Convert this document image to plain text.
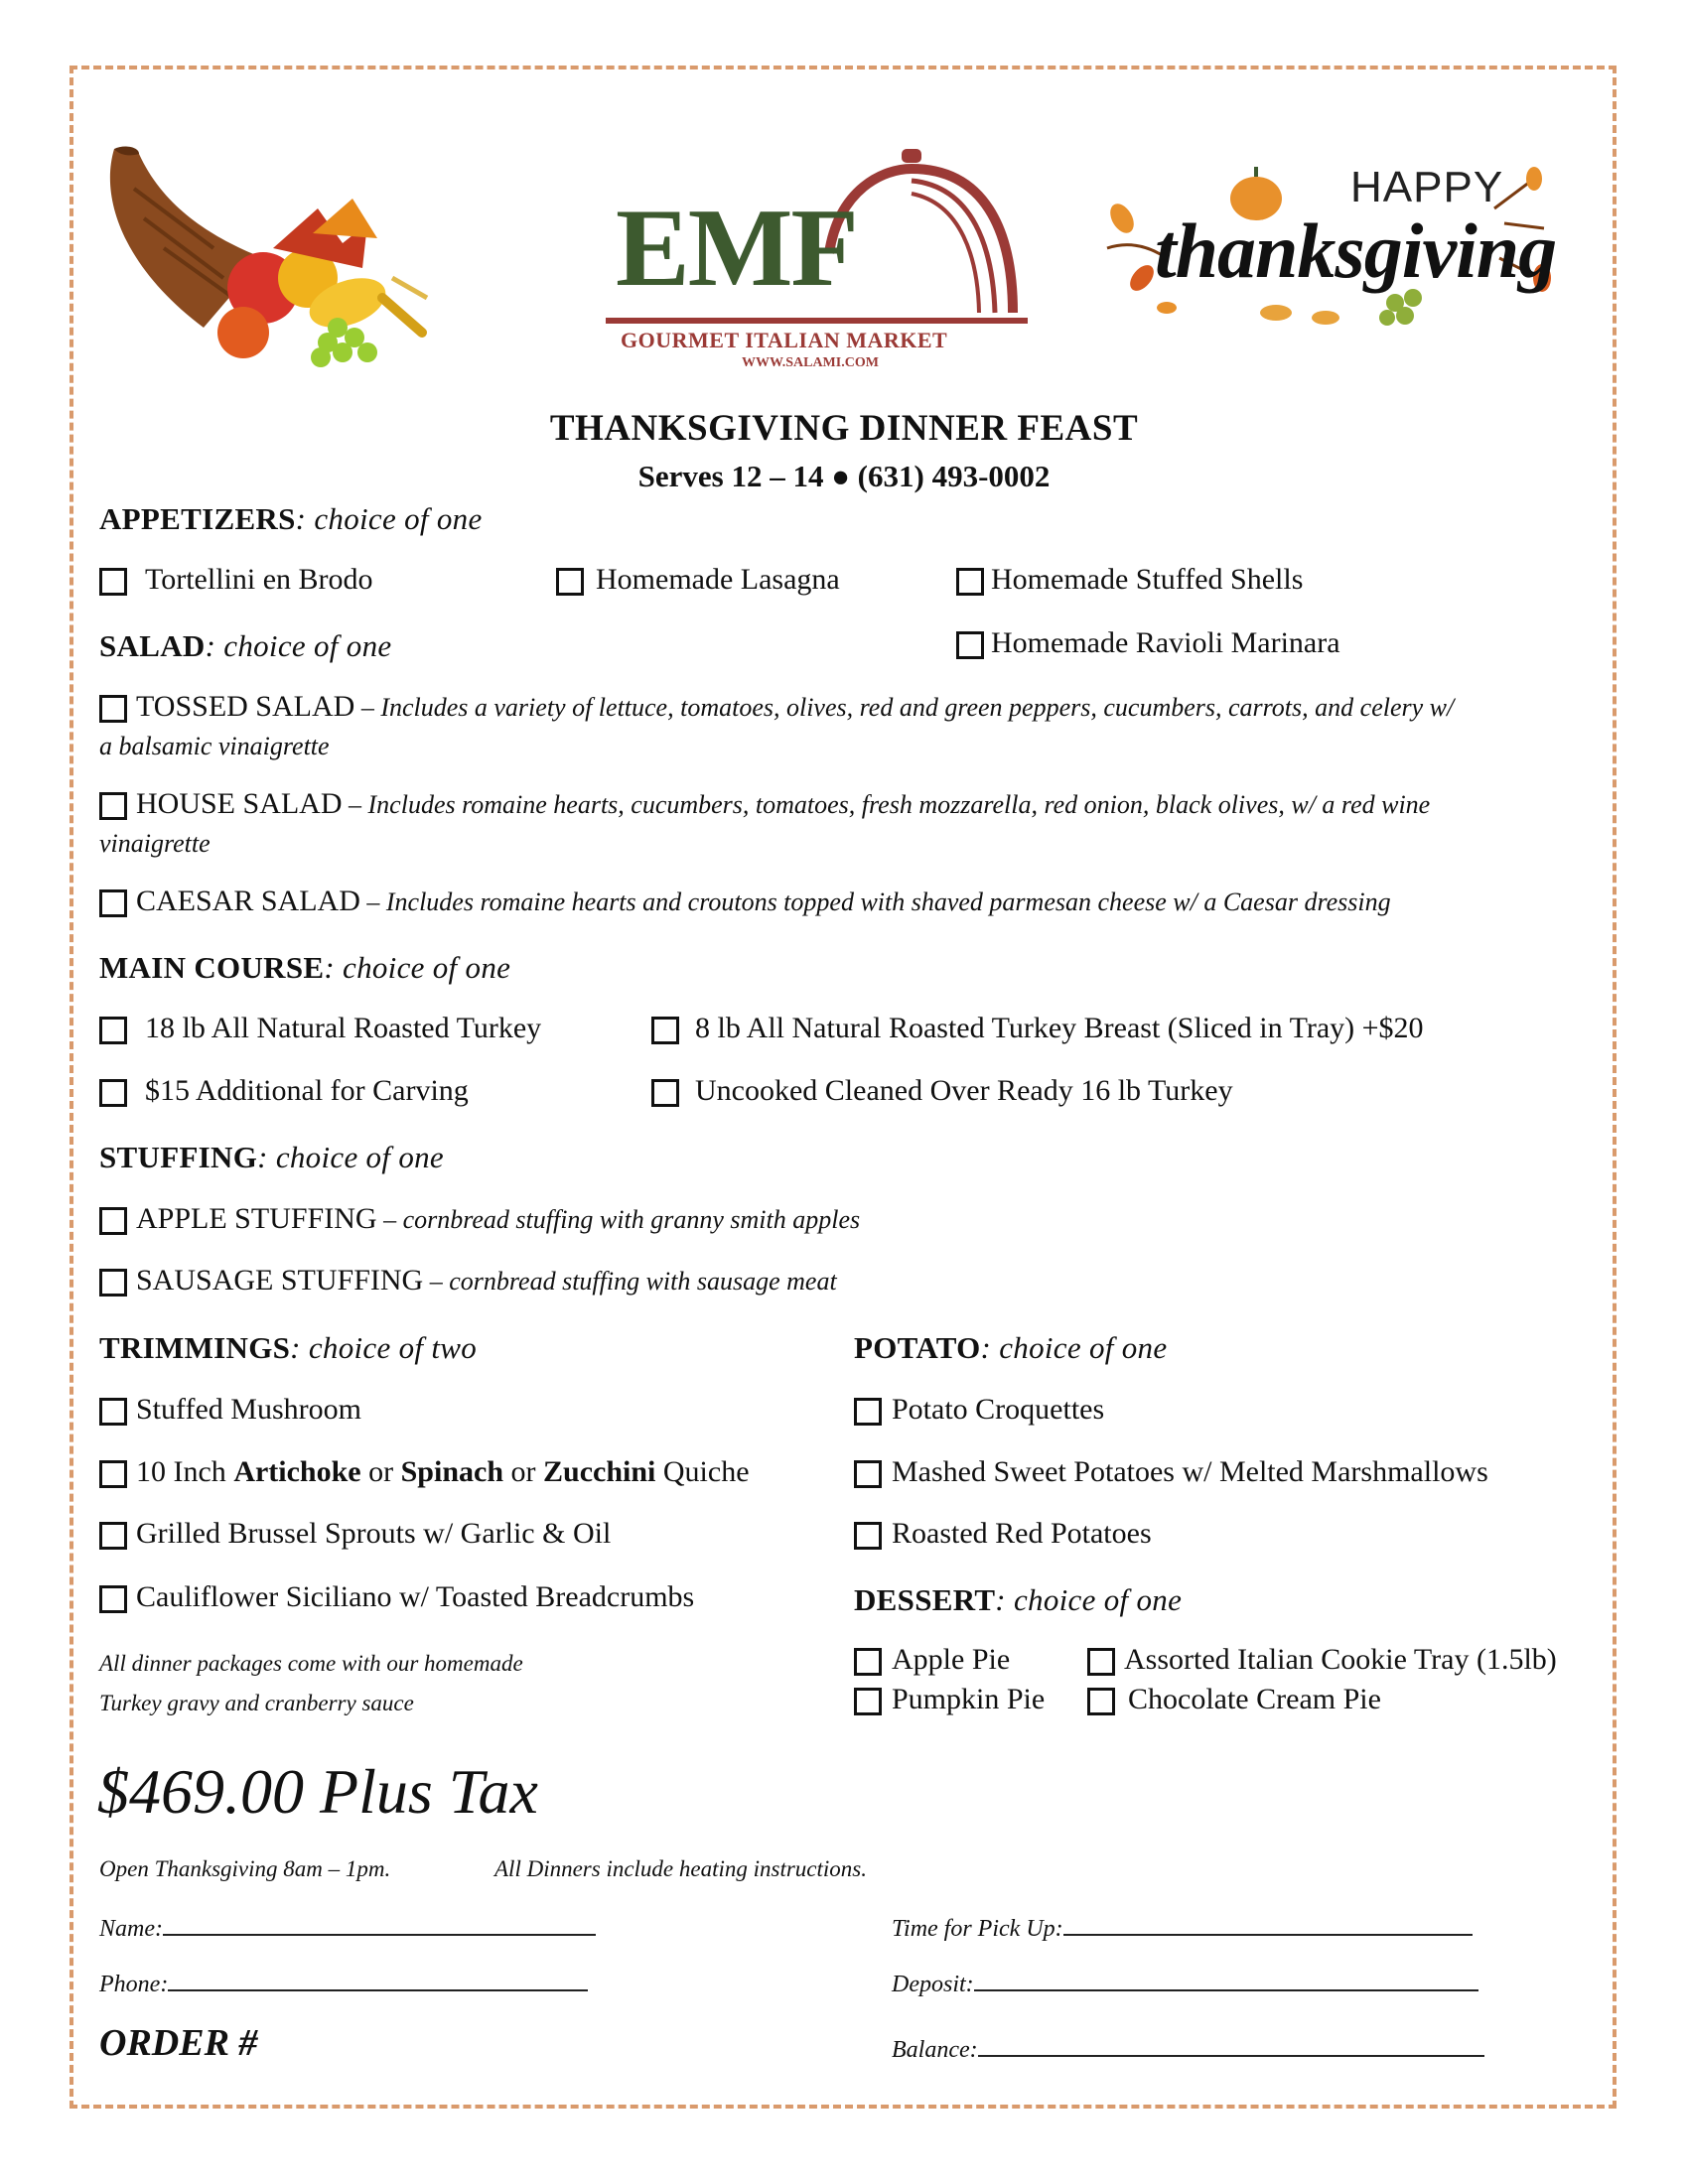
EMF
GOURMET ITALIAN MARKET
WWW.SALAMI.COM
HAPPY
thanksgiving
THANKSGIVING DINNER FEAST
Serves 12 – 14 ● (631) 493-0002
APPETIZERS: choice of one
Tortellini en Brodo	Homemade Lasagna	Homemade Stuffed Shells
Homemade Ravioli Marinara
SALAD: choice of one
TOSSED SALAD – Includes a variety of lettuce, tomatoes, olives, red and green peppers, cucumbers, carrots, and celery w/
a balsamic vinaigrette
HOUSE SALAD – Includes romaine hearts, cucumbers, tomatoes, fresh mozzarella, red onion, black olives, w/ a red wine
vinaigrette
CAESAR SALAD – Includes romaine hearts and croutons topped with shaved parmesan cheese w/ a Caesar dressing
MAIN COURSE: choice of one
18 lb All Natural Roasted Turkey	8 lb All Natural Roasted Turkey Breast (Sliced in Tray) +$20
$15 Additional for Carving	Uncooked Cleaned Over Ready 16 lb Turkey
STUFFING: choice of one
APPLE STUFFING – cornbread stuffing with granny smith apples
SAUSAGE STUFFING – cornbread stuffing with sausage meat
TRIMMINGS: choice of two
Stuffed Mushroom
10 Inch Artichoke or Spinach or Zucchini Quiche
Grilled Brussel Sprouts w/ Garlic & Oil
Cauliflower Siciliano w/ Toasted Breadcrumbs
POTATO: choice of one
Potato Croquettes
Mashed Sweet Potatoes w/ Melted Marshmallows
Roasted Red Potatoes
DESSERT: choice of one
Apple Pie	Assorted Italian Cookie Tray (1.5lb)
Pumpkin Pie	Chocolate Cream Pie
All dinner packages come with our homemade
Turkey gravy and cranberry sauce
$469.00 Plus Tax
Open Thanksgiving 8am – 1pm.	All Dinners include heating instructions.
Name:
Phone:
Time for Pick Up:
Deposit:
Balance:
ORDER #
